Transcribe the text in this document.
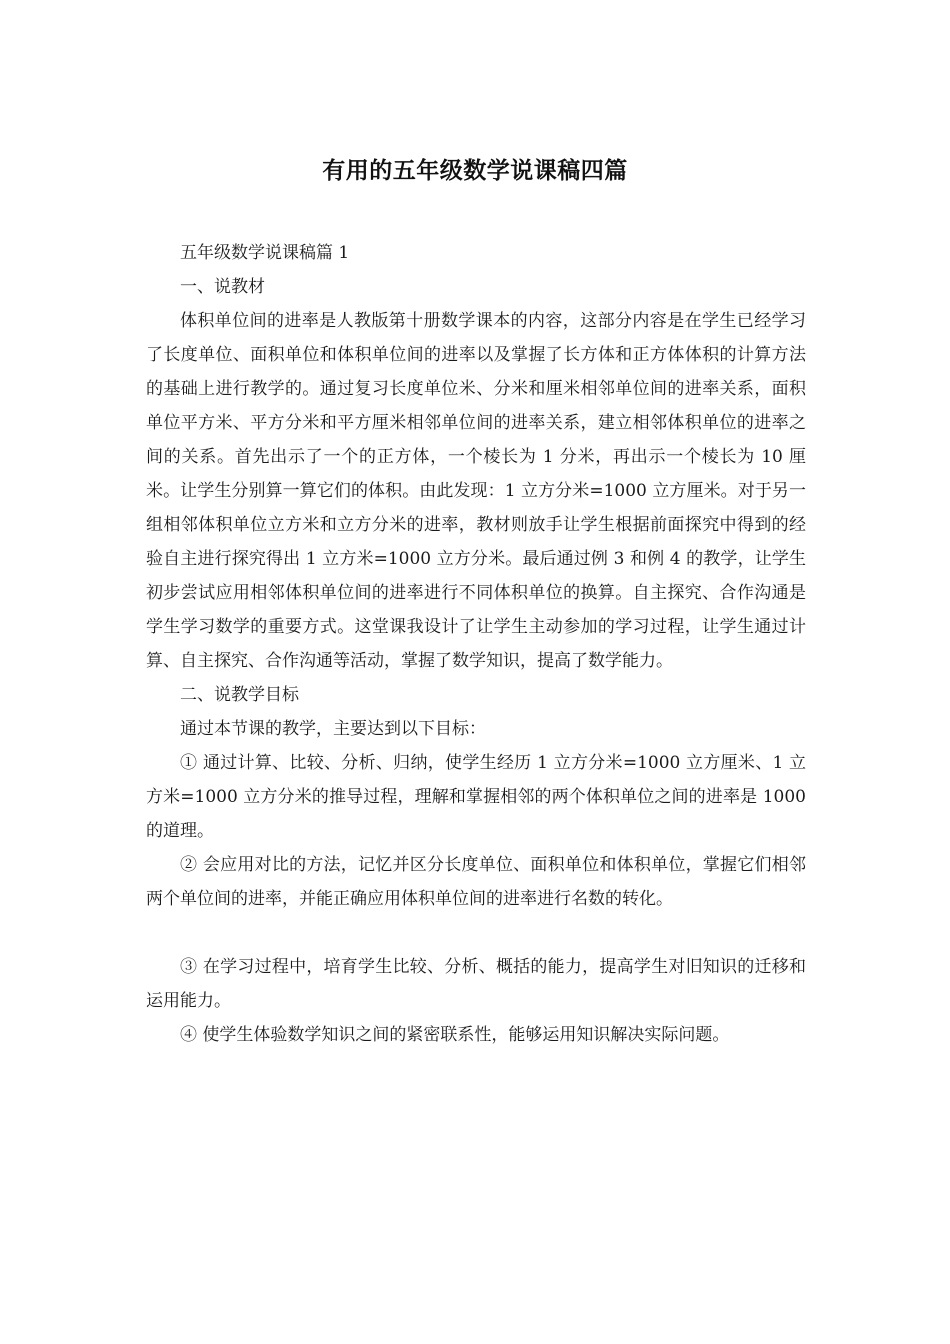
有用的五年级数学说课稿四篇

五年级数学说课稿篇 1

一、说教材

体积单位间的进率是人教版第十册数学课本的内容，这部分内容是在学生已经学习了长度单位、面积单位和体积单位间的进率以及掌握了长方体和正方体体积的计算方法的基础上进行教学的。通过复习长度单位米、分米和厘米相邻单位间的进率关系，面积单位平方米、平方分米和平方厘米相邻单位间的进率关系，建立相邻体积单位的进率之间的关系。首先出示了一个的正方体，一个棱长为 1 分米，再出示一个棱长为 10 厘米。让学生分别算一算它们的体积。由此发现：1 立方分米=1000 立方厘米。对于另一组相邻体积单位立方米和立方分米的进率，教材则放手让学生根据前面探究中得到的经验自主进行探究得出 1 立方米=1000 立方分米。最后通过例 3 和例 4 的教学，让学生初步尝试应用相邻体积单位间的进率进行不同体积单位的换算。自主探究、合作沟通是学生学习数学的重要方式。这堂课我设计了让学生主动参加的学习过程，让学生通过计算、自主探究、合作沟通等活动，掌握了数学知识，提高了数学能力。

二、说教学目标

通过本节课的教学，主要达到以下目标：

① 通过计算、比较、分析、归纳，使学生经历 1 立方分米=1000 立方厘米、1 立方米=1000 立方分米的推导过程，理解和掌握相邻的两个体积单位之间的进率是 1000 的道理。

② 会应用对比的方法，记忆并区分长度单位、面积单位和体积单位，掌握它们相邻两个单位间的进率，并能正确应用体积单位间的进率进行名数的转化。

③ 在学习过程中，培育学生比较、分析、概括的能力，提高学生对旧知识的迁移和运用能力。

④ 使学生体验数学知识之间的紧密联系性，能够运用知识解决实际问题。
